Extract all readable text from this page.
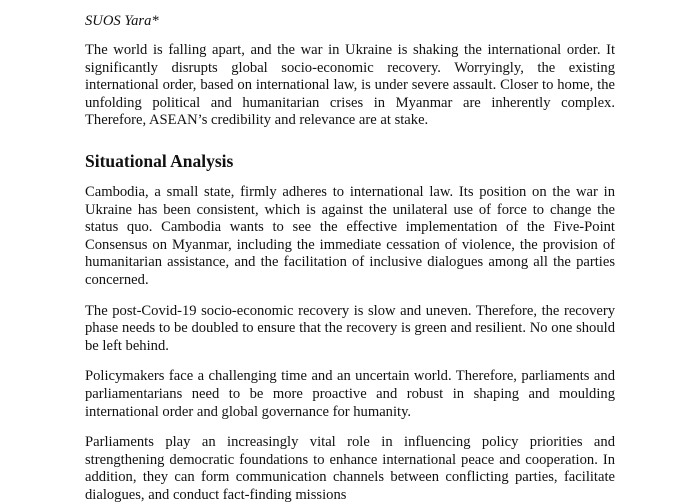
SUOS Yara*

The world is falling apart, and the war in Ukraine is shaking the international order. It significantly disrupts global socio-economic recovery. Worryingly, the existing international order, based on international law, is under severe assault. Closer to home, the unfolding political and humanitarian crises in Myanmar are inherently complex. Therefore, ASEAN’s credibility and relevance are at stake.

Situational Analysis

Cambodia, a small state, firmly adheres to international law. Its position on the war in Ukraine has been consistent, which is against the unilateral use of force to change the status quo. Cambodia wants to see the effective implementation of the Five-Point Consensus on Myanmar, including the immediate cessation of violence, the provision of humanitarian assistance, and the facilitation of inclusive dialogues among all the parties concerned.

The post-Covid-19 socio-economic recovery is slow and uneven. Therefore, the recovery phase needs to be doubled to ensure that the recovery is green and resilient. No one should be left behind.

Policymakers face a challenging time and an uncertain world. Therefore, parliaments and parliamentarians need to be more proactive and robust in shaping and moulding international order and global governance for humanity.

Parliaments play an increasingly vital role in influencing policy priorities and strengthening democratic foundations to enhance international peace and cooperation. In addition, they can form communication channels between conflicting parties, facilitate dialogues, and conduct fact-finding missions
